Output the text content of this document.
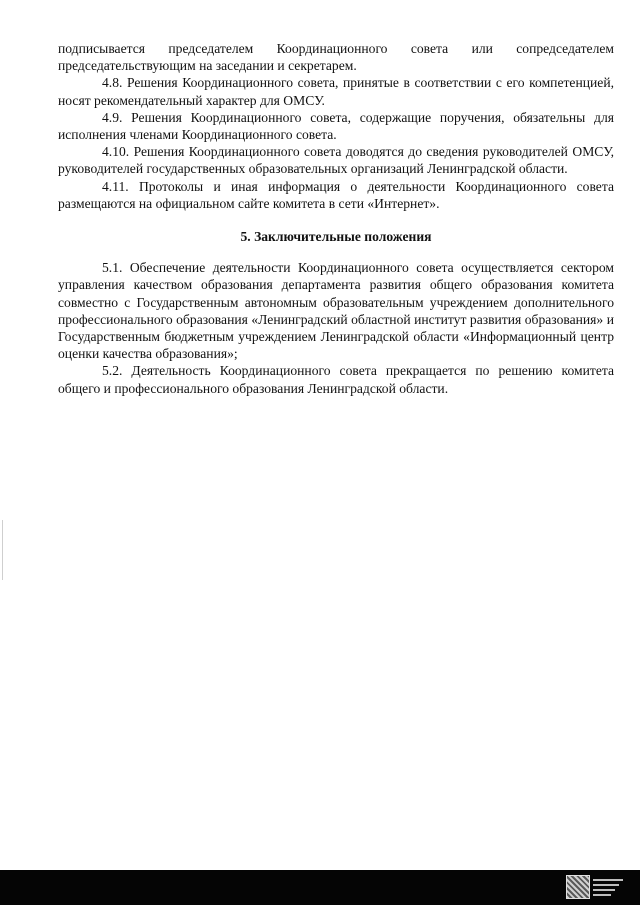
подписывается председателем Координационного совета или сопредседателем председательствующим на заседании и секретарем.

4.8. Решения Координационного совета, принятые в соответствии с его компетенцией, носят рекомендательный характер для ОМСУ.

4.9. Решения Координационного совета, содержащие поручения, обязательны для исполнения членами Координационного совета.

4.10. Решения Координационного совета доводятся до сведения руководителей ОМСУ, руководителей государственных образовательных организаций Ленинградской области.

4.11. Протоколы и иная информация о деятельности Координационного совета размещаются на официальном сайте комитета в сети «Интернет».

5. Заключительные положения

5.1. Обеспечение деятельности Координационного совета осуществляется сектором управления качеством образования департамента развития общего образования комитета совместно с Государственным автономным образовательным учреждением дополнительного профессионального образования «Ленинградский областной институт развития образования» и Государственным бюджетным учреждением Ленинградской области «Информационный центр оценки качества образования»;

5.2. Деятельность Координационного совета прекращается по решению комитета общего и профессионального образования Ленинградской области.
